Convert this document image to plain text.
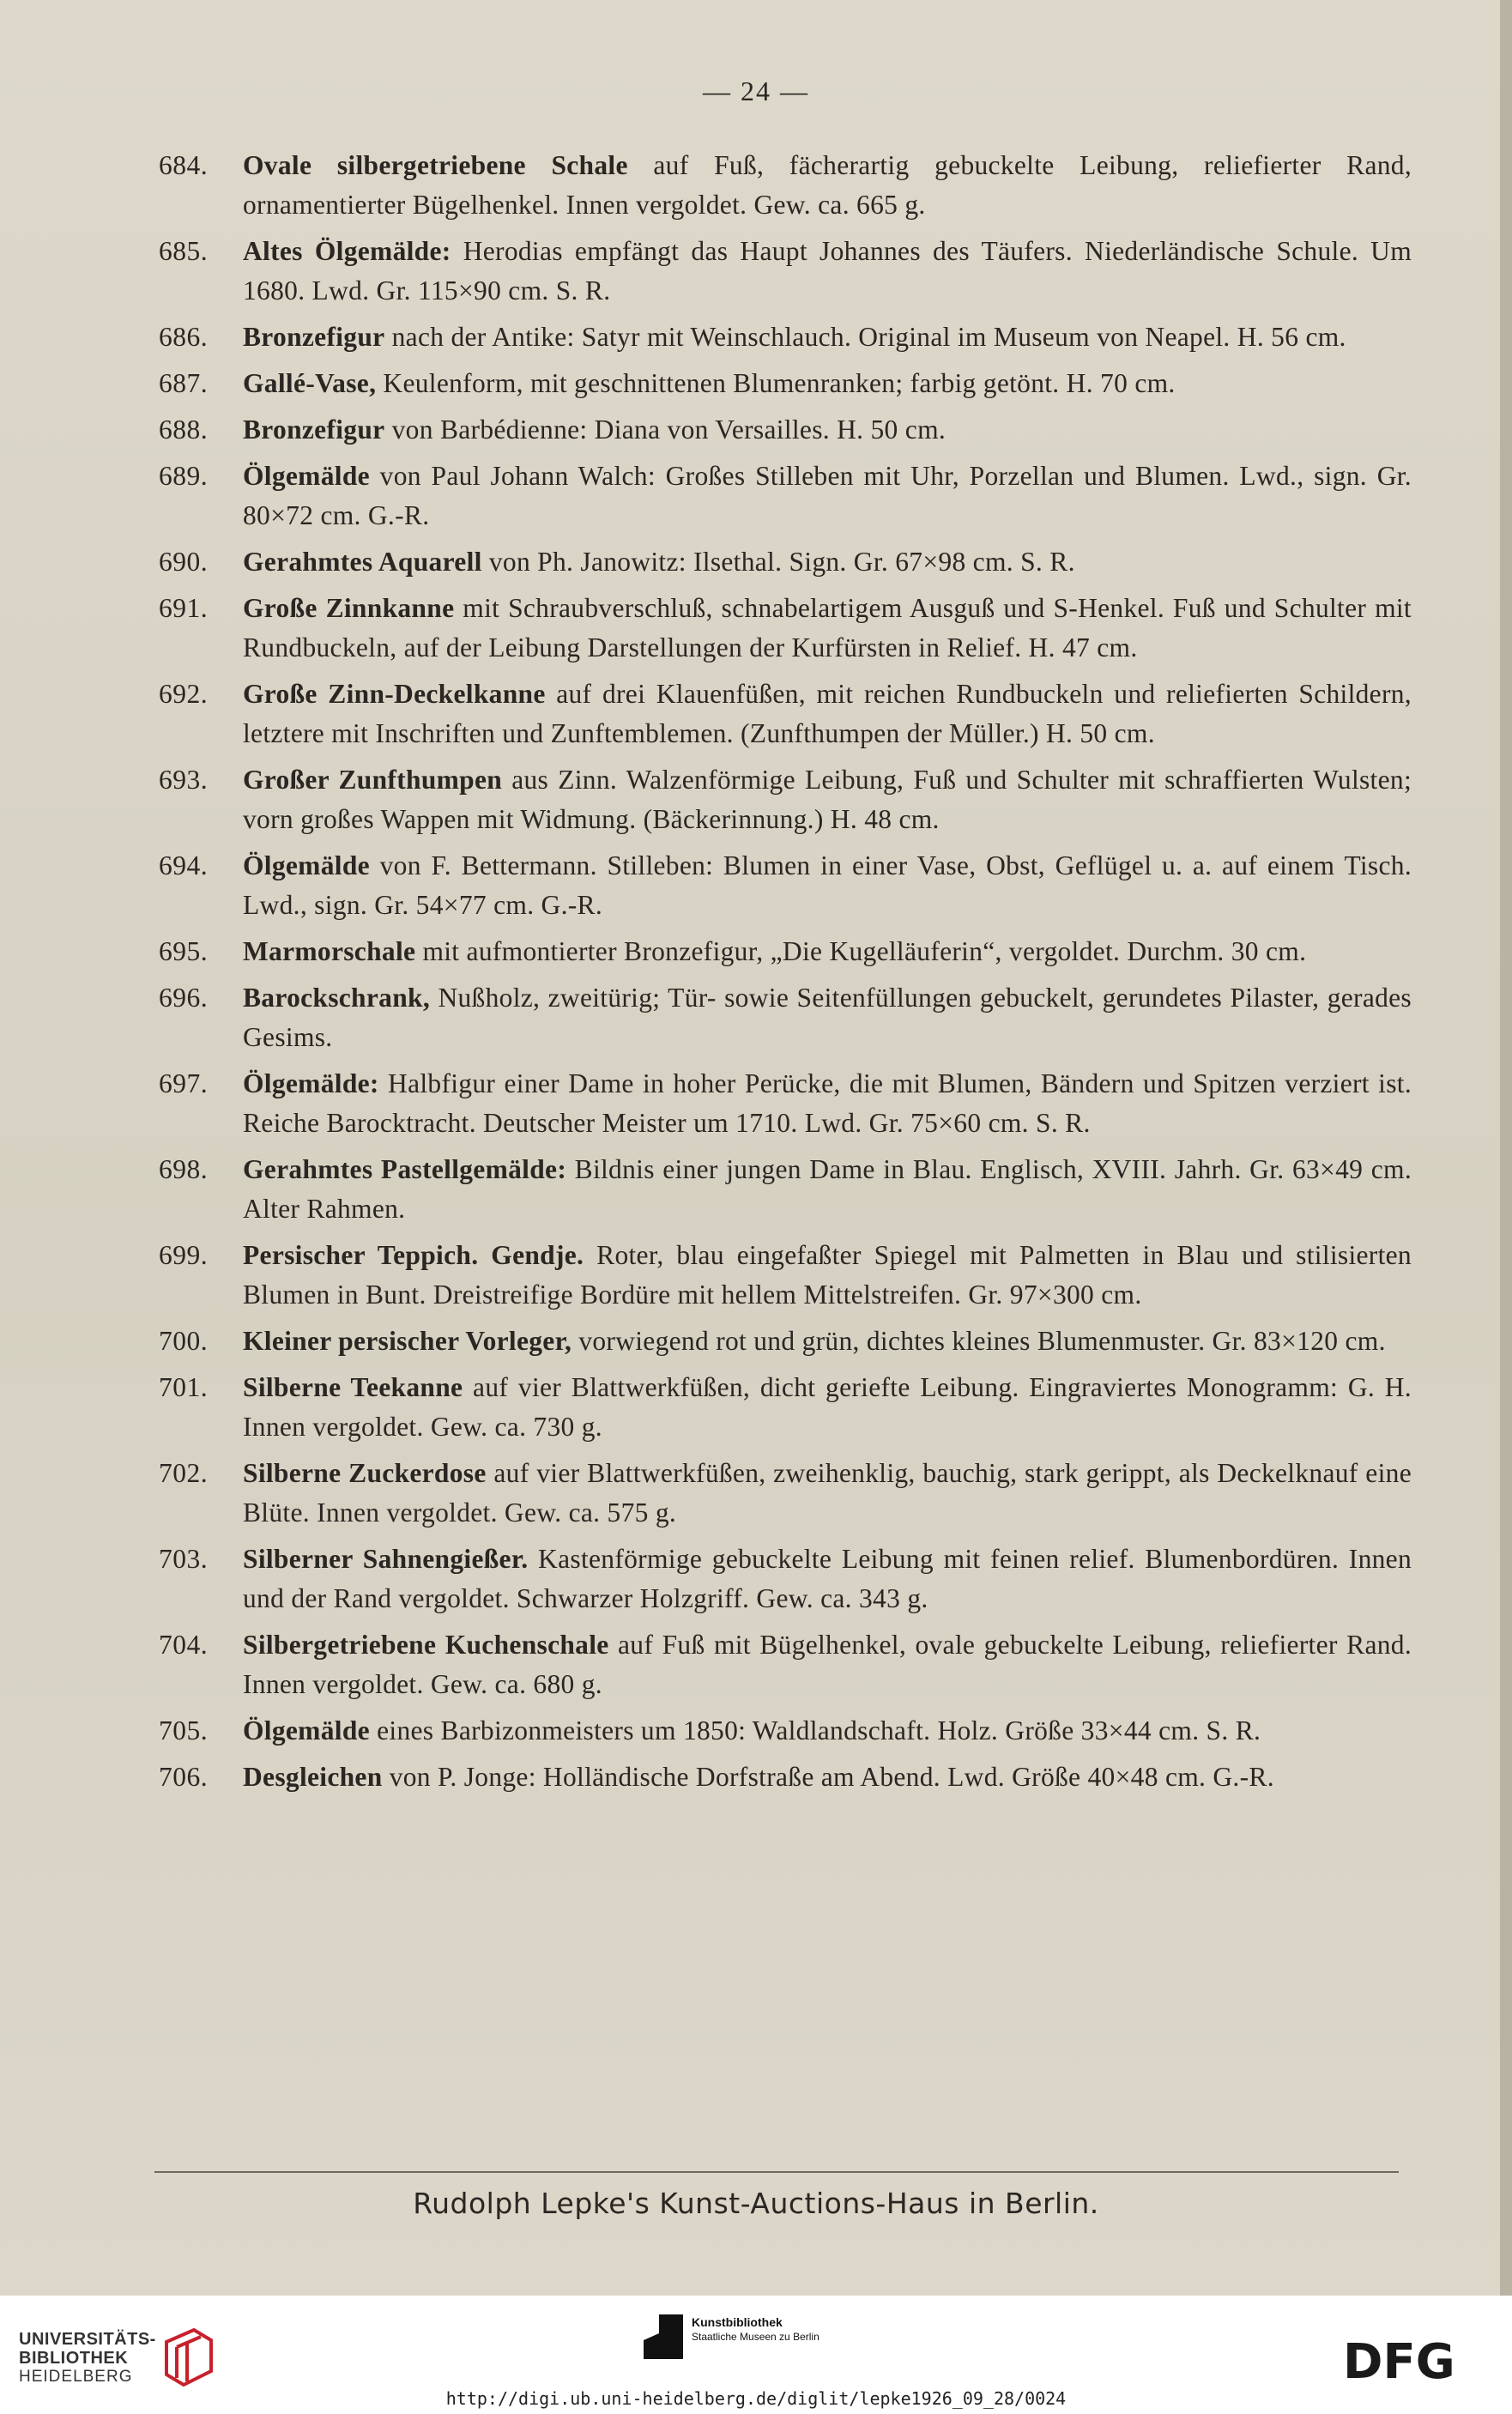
— 24 —
684.	Ovale silbergetriebene Schale auf Fuß, fächerartig gebuckelte Leibung, reliefierter Rand, ornamentierter Bügelhenkel. Innen vergoldet. Gew. ca. 665 g.
685.	Altes Ölgemälde: Herodias empfängt das Haupt Johannes des Täufers. Niederländische Schule. Um 1680. Lwd. Gr. 115×90 cm. S. R.
686.	Bronzefigur nach der Antike: Satyr mit Weinschlauch. Original im Museum von Neapel. H. 56 cm.
687.	Gallé-Vase, Keulenform, mit geschnittenen Blumenranken; farbig getönt. H. 70 cm.
688.	Bronzefigur von Barbédienne: Diana von Versailles. H. 50 cm.
689.	Ölgemälde von Paul Johann Walch: Großes Stilleben mit Uhr, Porzellan und Blumen. Lwd., sign. Gr. 80×72 cm. G.-R.
690.	Gerahmtes Aquarell von Ph. Janowitz: Ilsethal. Sign. Gr. 67×98 cm. S. R.
691.	Große Zinnkanne mit Schraubverschluß, schnabelartigem Ausguß und S-Henkel. Fuß und Schulter mit Rundbuckeln, auf der Leibung Darstellungen der Kurfürsten in Relief. H. 47 cm.
692.	Große Zinn-Deckelkanne auf drei Klauenfüßen, mit reichen Rundbuckeln und reliefierten Schildern, letztere mit Inschriften und Zunftemblemen. (Zunfthumpen der Müller.) H. 50 cm.
693.	Großer Zunfthumpen aus Zinn. Walzenförmige Leibung, Fuß und Schulter mit schraffierten Wulsten; vorn großes Wappen mit Widmung. (Bäckerinnung.) H. 48 cm.
694.	Ölgemälde von F. Bettermann. Stilleben: Blumen in einer Vase, Obst, Geflügel u. a. auf einem Tisch. Lwd., sign. Gr. 54×77 cm. G.-R.
695.	Marmorschale mit aufmontierter Bronzefigur, „Die Kugelläuferin“, vergoldet. Durchm. 30 cm.
696.	Barockschrank, Nußholz, zweitürig; Tür- sowie Seitenfüllungen gebuckelt, gerundetes Pilaster, gerades Gesims.
697.	Ölgemälde: Halbfigur einer Dame in hoher Perücke, die mit Blumen, Bändern und Spitzen verziert ist. Reiche Barocktracht. Deutscher Meister um 1710. Lwd. Gr. 75×60 cm. S. R.
698.	Gerahmtes Pastellgemälde: Bildnis einer jungen Dame in Blau. Englisch, XVIII. Jahrh. Gr. 63×49 cm. Alter Rahmen.
699.	Persischer Teppich. Gendje. Roter, blau eingefaßter Spiegel mit Palmetten in Blau und stilisierten Blumen in Bunt. Dreistreifige Bordüre mit hellem Mittelstreifen. Gr. 97×300 cm.
700.	Kleiner persischer Vorleger, vorwiegend rot und grün, dichtes kleines Blumenmuster. Gr. 83×120 cm.
701.	Silberne Teekanne auf vier Blattwerkfüßen, dicht geriefte Leibung. Eingraviertes Monogramm: G. H. Innen vergoldet. Gew. ca. 730 g.
702.	Silberne Zuckerdose auf vier Blattwerkfüßen, zweihenklig, bauchig, stark gerippt, als Deckelknauf eine Blüte. Innen vergoldet. Gew. ca. 575 g.
703.	Silberner Sahnengießer. Kastenförmige gebuckelte Leibung mit feinen relief. Blumenbordüren. Innen und der Rand vergoldet. Schwarzer Holzgriff. Gew. ca. 343 g.
704.	Silbergetriebene Kuchenschale auf Fuß mit Bügelhenkel, ovale gebuckelte Leibung, reliefierter Rand. Innen vergoldet. Gew. ca. 680 g.
705.	Ölgemälde eines Barbizonmeisters um 1850: Waldlandschaft. Holz. Größe 33×44 cm. S. R.
706.	Desgleichen von P. Jonge: Holländische Dorfstraße am Abend. Lwd. Größe 40×48 cm. G.-R.
Rudolph Lepke's Kunst-Auctions-Haus in Berlin.
UNIVERSITÄTS-
BIBLIOTHEK
HEIDELBERG
Kunstbibliothek
Staatliche Museen zu Berlin	DFG
http://digi.ub.uni-heidelberg.de/diglit/lepke1926_09_28/0024
